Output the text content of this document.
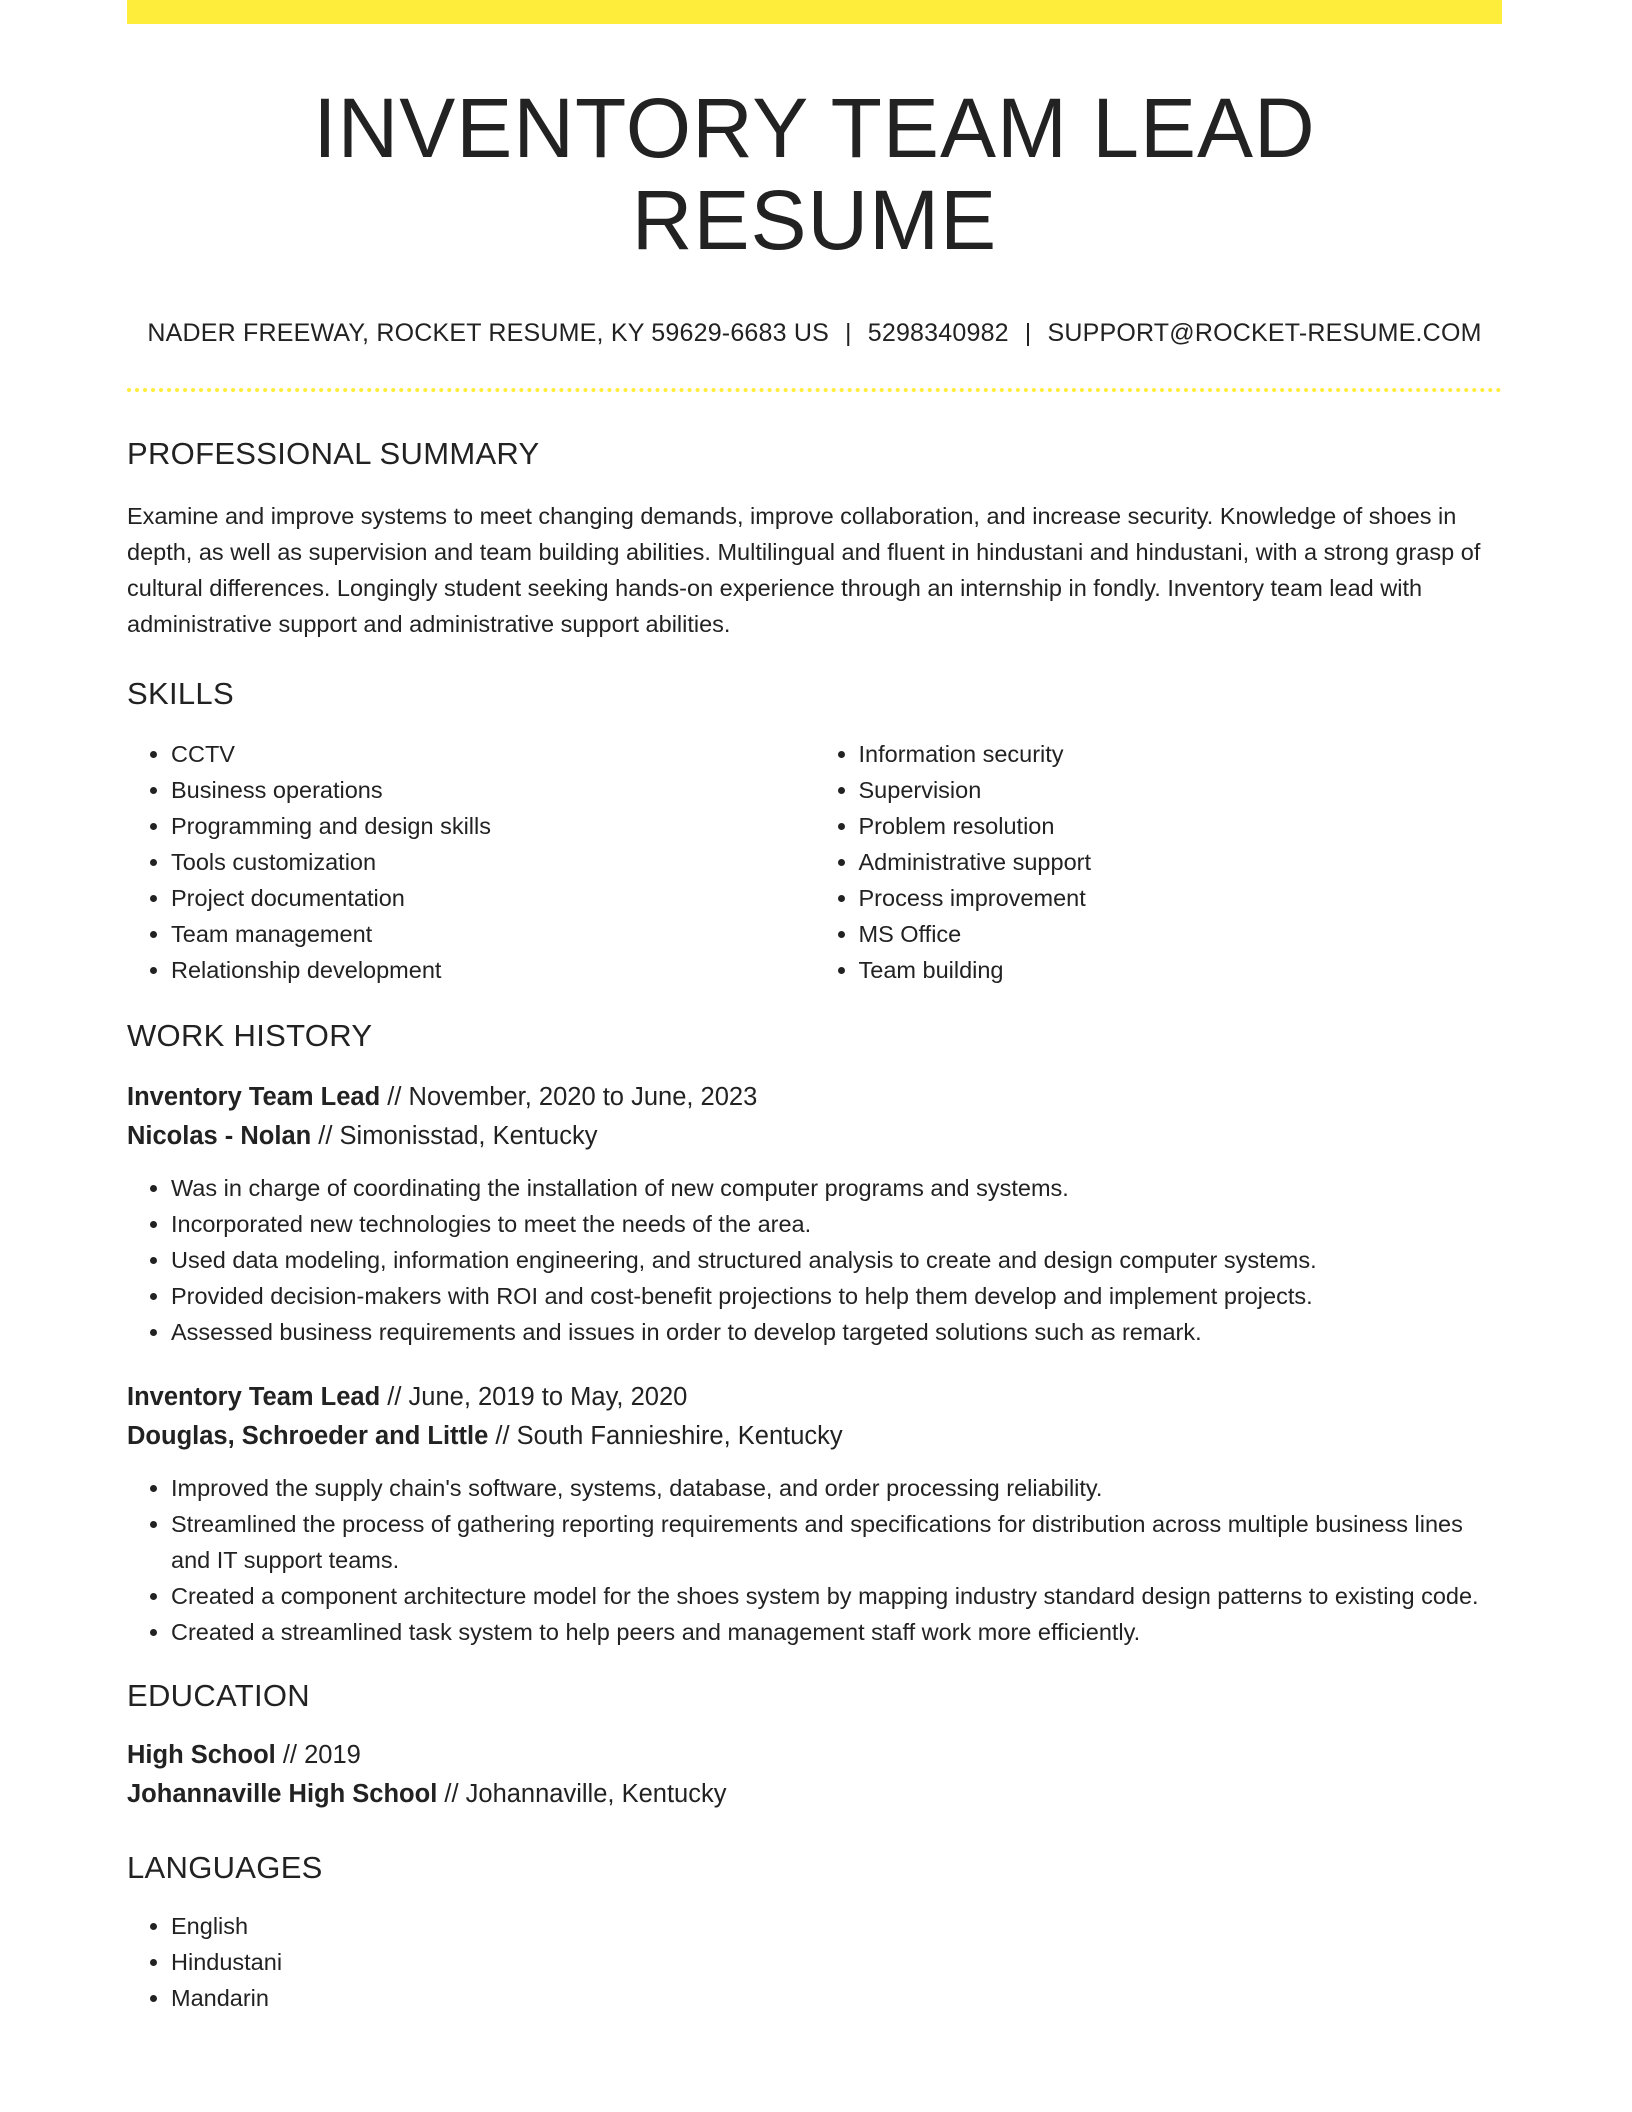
INVENTORY TEAM LEAD RESUME
NADER FREEWAY, ROCKET RESUME, KY 59629-6683 US | 5298340982 | SUPPORT@ROCKET-RESUME.COM
PROFESSIONAL SUMMARY
Examine and improve systems to meet changing demands, improve collaboration, and increase security. Knowledge of shoes in depth, as well as supervision and team building abilities. Multilingual and fluent in hindustani and hindustani, with a strong grasp of cultural differences. Longingly student seeking hands-on experience through an internship in fondly. Inventory team lead with administrative support and administrative support abilities.
SKILLS
• CCTV
• Business operations
• Programming and design skills
• Tools customization
• Project documentation
• Team management
• Relationship development
• Information security
• Supervision
• Problem resolution
• Administrative support
• Process improvement
• MS Office
• Team building
WORK HISTORY
Inventory Team Lead // November, 2020 to June, 2023
Nicolas - Nolan // Simonisstad, Kentucky
• Was in charge of coordinating the installation of new computer programs and systems.
• Incorporated new technologies to meet the needs of the area.
• Used data modeling, information engineering, and structured analysis to create and design computer systems.
• Provided decision-makers with ROI and cost-benefit projections to help them develop and implement projects.
• Assessed business requirements and issues in order to develop targeted solutions such as remark.
Inventory Team Lead // June, 2019 to May, 2020
Douglas, Schroeder and Little // South Fannieshire, Kentucky
• Improved the supply chain's software, systems, database, and order processing reliability.
• Streamlined the process of gathering reporting requirements and specifications for distribution across multiple business lines and IT support teams.
• Created a component architecture model for the shoes system by mapping industry standard design patterns to existing code.
• Created a streamlined task system to help peers and management staff work more efficiently.
EDUCATION
High School // 2019
Johannaville High School // Johannaville, Kentucky
LANGUAGES
• English
• Hindustani
• Mandarin
